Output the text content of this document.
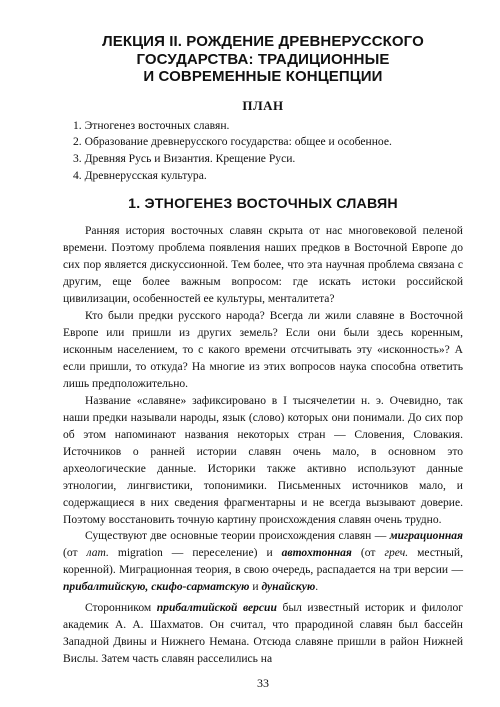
ЛЕКЦИЯ II. РОЖДЕНИЕ ДРЕВНЕРУССКОГО
ГОСУДАРСТВА: ТРАДИЦИОННЫЕ
И СОВРЕМЕННЫЕ КОНЦЕПЦИИ
ПЛАН
1. Этногенез восточных славян.
2. Образование древнерусского государства: общее и особенное.
3. Древняя Русь и Византия. Крещение Руси.
4. Древнерусская культура.
1. ЭТНОГЕНЕЗ ВОСТОЧНЫХ СЛАВЯН

Ранняя история восточных славян скрыта от нас многовековой пеленой времени. Поэтому проблема появления наших предков в Восточной Европе до сих пор является дискуссионной. Тем более, что эта научная проблема связана с другим, еще более важным вопросом: где искать истоки российской цивилизации, особенностей ее культуры, менталитета?

Кто были предки русского народа? Всегда ли жили славяне в Восточной Европе или пришли из других земель? Если они были здесь коренным, исконным населением, то с какого времени отсчитывать эту «исконность»? А если пришли, то откуда? На многие из этих вопросов наука способна ответить лишь предположительно.

Название «славяне» зафиксировано в I тысячелетии н. э. Очевидно, так наши предки называли народы, язык (слово) которых они понимали. До сих пор об этом напоминают названия некоторых стран — Словения, Словакия. Источников о ранней истории славян очень мало, в основном это археологические данные. Историки также активно используют данные этнологии, лингвистики, топонимики. Письменных источников мало, и содержащиеся в них сведения фрагментарны и не всегда вызывают доверие. Поэтому восстановить точную картину происхождения славян очень трудно.

Существуют две основные теории происхождения славян — миграционная (от лат. migration — переселение) и автохтонная (от греч. местный, коренной). Миграционная теория, в свою очередь, распадается на три версии — прибалтийскую, скифо-сарматскую и дунайскую.

Сторонником прибалтийской версии был известный историк и филолог академик А. А. Шахматов. Он считал, что прародиной славян был бассейн Западной Двины и Нижнего Немана. Отсюда славяне пришли в район Нижней Вислы. Затем часть славян расселились на

33
